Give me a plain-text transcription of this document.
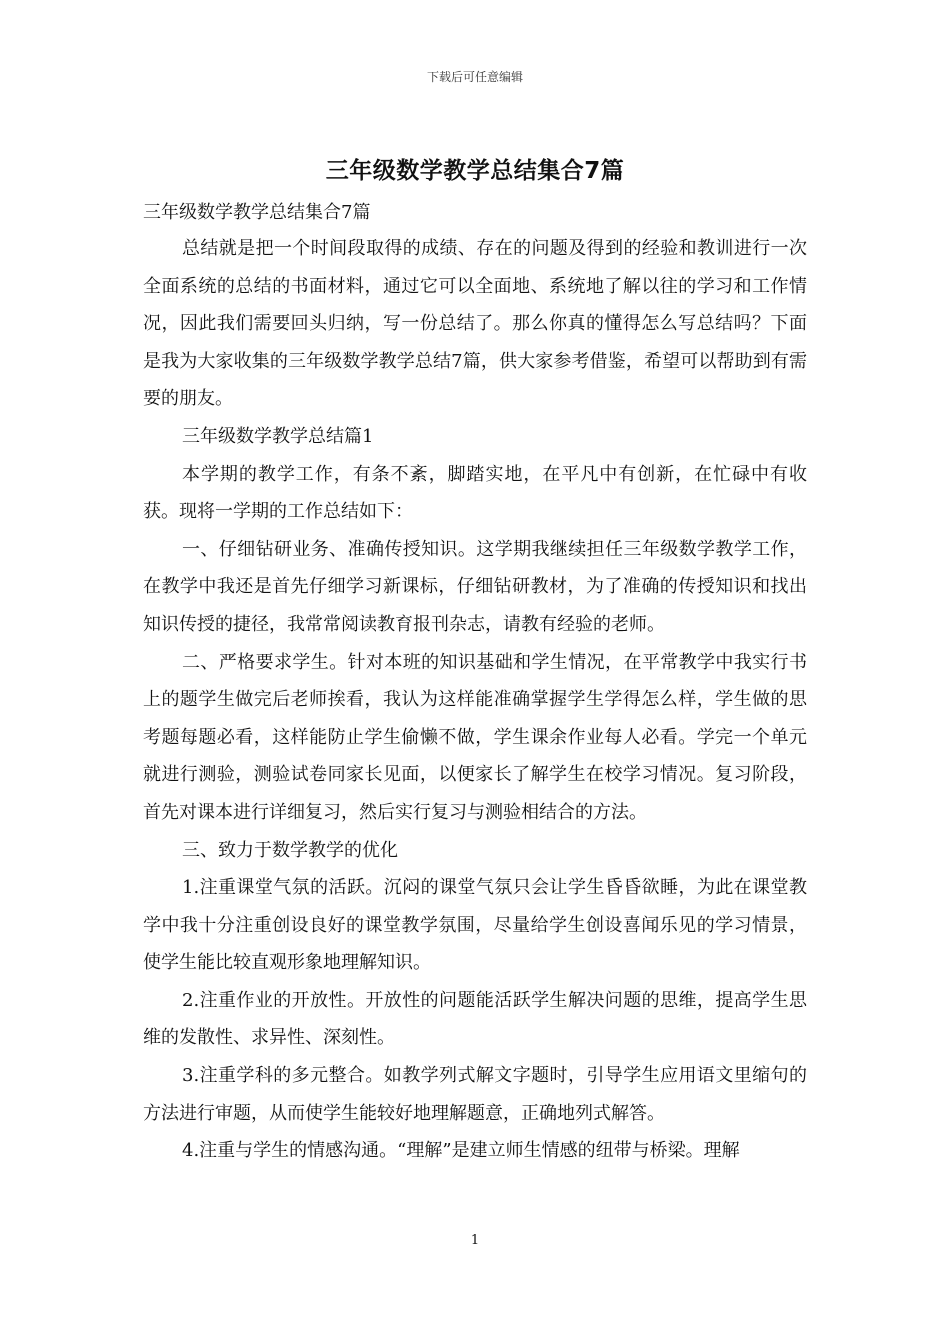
下载后可任意编辑
三年级数学教学总结集合7篇

三年级数学教学总结集合7篇

总结就是把一个时间段取得的成绩、存在的问题及得到的经验和教训进行一次全面系统的总结的书面材料，通过它可以全面地、系统地了解以往的学习和工作情况，因此我们需要回头归纳，写一份总结了。那么你真的懂得怎么写总结吗？下面是我为大家收集的三年级数学教学总结7篇，供大家参考借鉴，希望可以帮助到有需要的朋友。

三年级数学教学总结篇1

本学期的教学工作，有条不紊，脚踏实地，在平凡中有创新，在忙碌中有收获。现将一学期的工作总结如下：

一、仔细钻研业务、准确传授知识。这学期我继续担任三年级数学教学工作，在教学中我还是首先仔细学习新课标，仔细钻研教材，为了准确的传授知识和找出知识传授的捷径，我常常阅读教育报刊杂志，请教有经验的老师。

二、严格要求学生。针对本班的知识基础和学生情况，在平常教学中我实行书上的题学生做完后老师挨看，我认为这样能准确掌握学生学得怎么样，学生做的思考题每题必看，这样能防止学生偷懒不做，学生课余作业每人必看。学完一个单元就进行测验，测验试卷同家长见面，以便家长了解学生在校学习情况。复习阶段，首先对课本进行详细复习，然后实行复习与测验相结合的方法。

三、致力于数学教学的优化

1.注重课堂气氛的活跃。沉闷的课堂气氛只会让学生昏昏欲睡，为此在课堂教学中我十分注重创设良好的课堂教学氛围，尽量给学生创设喜闻乐见的学习情景，使学生能比较直观形象地理解知识。

2.注重作业的开放性。开放性的问题能活跃学生解决问题的思维，提高学生思维的发散性、求异性、深刻性。

3.注重学科的多元整合。如教学列式解文字题时，引导学生应用语文里缩句的方法进行审题，从而使学生能较好地理解题意，正确地列式解答。

4.注重与学生的情感沟通。“理解”是建立师生情感的纽带与桥梁。理解

1
